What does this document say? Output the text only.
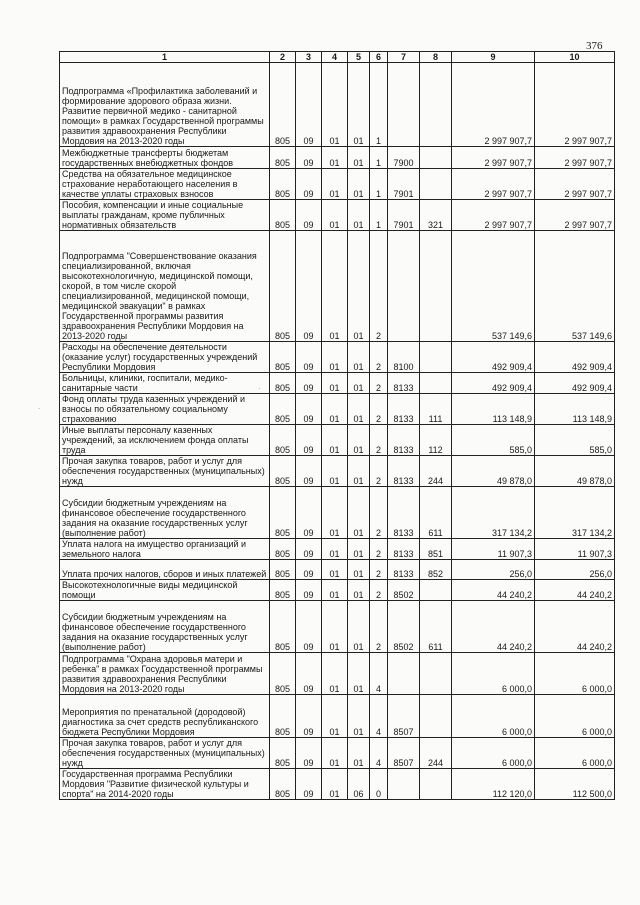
376
1	2	3	4	5	6	7	8	9	10
Подпрограмма «Профилактика заболеваний и формирование здорового образа жизни. Развитие первичной медико - санитарной помощи» в рамках Государственной программы развития здравоохранения Республики Мордовия на 2013-2020 годы	805	09	01	01	1			2 997 907,7	2 997 907,7
Межбюджетные трансферты бюджетам государственных внебюджетных фондов	805	09	01	01	1	7900		2 997 907,7	2 997 907,7
Средства на обязательное медицинское страхование неработающего населения в качестве уплаты страховых взносов	805	09	01	01	1	7901		2 997 907,7	2 997 907,7
Пособия, компенсации и иные социальные выплаты гражданам, кроме публичных нормативных обязательств	805	09	01	01	1	7901	321	2 997 907,7	2 997 907,7
Подпрограмма "Совершенствование оказания специализированной, включая высокотехнологичную, медицинской помощи, скорой, в том числе скорой специализированной, медицинской помощи, медицинской эвакуации" в рамках Государственной программы развития здравоохранения Республики Мордовия на 2013-2020 годы	805	09	01	01	2			537 149,6	537 149,6
Расходы на обеспечение деятельности (оказание услуг) государственных учреждений Республики Мордовия	805	09	01	01	2	8100		492 909,4	492 909,4
Больницы, клиники, госпитали, медико-санитарные части	805	09	01	01	2	8133		492 909,4	492 909,4
Фонд оплаты труда казенных учреждений и взносы по обязательному социальному страхованию	805	09	01	01	2	8133	111	113 148,9	113 148,9
Иные выплаты персоналу казенных учреждений, за исключением фонда оплаты труда	805	09	01	01	2	8133	112	585,0	585,0
Прочая закупка товаров, работ и услуг для обеспечения государственных (муниципальных) нужд	805	09	01	01	2	8133	244	49 878,0	49 878,0
Субсидии бюджетным учреждениям на финансовое обеспечение государственного задания на оказание государственных услуг (выполнение работ)	805	09	01	01	2	8133	611	317 134,2	317 134,2
Уплата налога на имущество организаций и земельного налога	805	09	01	01	2	8133	851	11 907,3	11 907,3
Уплата прочих налогов, сборов и иных платежей	805	09	01	01	2	8133	852	256,0	256,0
Высокотехнологичные виды медицинской помощи	805	09	01	01	2	8502		44 240,2	44 240,2
Субсидии бюджетным учреждениям на финансовое обеспечение государственного задания на оказание государственных услуг (выполнение работ)	805	09	01	01	2	8502	611	44 240,2	44 240,2
Подпрограмма "Охрана здоровья матери и ребенка" в рамках Государственной программы развития здравоохранения Республики Мордовия на 2013-2020 годы	805	09	01	01	4			6 000,0	6 000,0
Мероприятия по пренатальной (дородовой) диагностика за счет средств республиканского бюджета Республики Мордовия	805	09	01	01	4	8507		6 000,0	6 000,0
Прочая закупка товаров, работ и услуг для обеспечения государственных (муниципальных) нужд	805	09	01	01	4	8507	244	6 000,0	6 000,0
Государственная программа Республики Мордовия "Развитие физической культуры и спорта" на 2014-2020 годы	805	09	01	06	0			112 120,0	112 500,0
.
·
